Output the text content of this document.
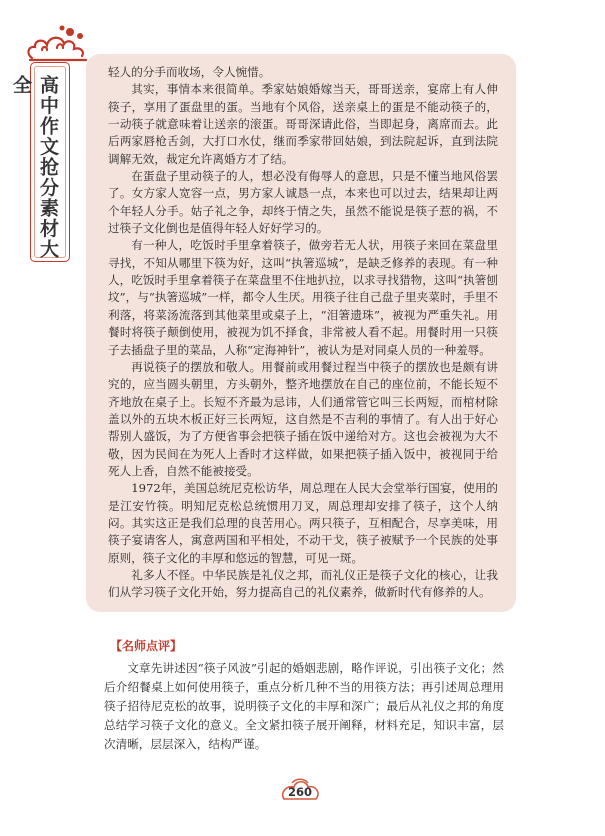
高中作文抢分素材大全

轻人的分手而收场，令人惋惜。

其实，事情本来很简单。季家姑娘婚嫁当天，哥哥送亲，宴席上有人伸筷子，享用了蛋盘里的蛋。当地有个风俗，送亲桌上的蛋是不能动筷子的，一动筷子就意味着让送亲的滚蛋。哥哥深请此俗，当即起身，离席而去。此后两家唇枪舌剑，大打口水仗，继而季家带回姑娘，到法院起诉，直到法院调解无效，裁定允许离婚方才了结。

在蛋盘子里动筷子的人，想必没有侮辱人的意思，只是不懂当地风俗罢了。女方家人宽容一点，男方家人诚恳一点，本来也可以过去，结果却让两个年轻人分手。姑子礼之争，却终于情之失，虽然不能说是筷子惹的祸，不过筷子文化倒也是值得年轻人好好学习的。

有一种人，吃饭时手里拿着筷子，做旁若无人状，用筷子来回在菜盘里寻找，不知从哪里下筷为好，这叫“执箸巡城”，是缺乏修养的表现。有一种人，吃饭时手里拿着筷子在菜盘里不住地扒拉，以求寻找猎物，这叫“执箸刨坟”，与“执箸巡城”一样，都令人生厌。用筷子往自己盘子里夹菜时，手里不利落，将菜汤流落到其他菜里或桌子上，“泪箸遗珠”，被视为严重失礼。用餐时将筷子颠倒使用，被视为饥不择食，非常被人看不起。用餐时用一只筷子去插盘子里的菜品，人称“定海神针”，被认为是对同桌人员的一种羞辱。

再说筷子的摆放和敬人。用餐前或用餐过程当中筷子的摆放也是颇有讲究的，应当圆头朝里，方头朝外，整齐地摆放在自己的座位前，不能长短不齐地放在桌子上。长短不齐最为忌讳，人们通常管它叫三长两短，而棺材除盖以外的五块木板正好三长两短，这自然是不吉利的事情了。有人出于好心帮别人盛饭，为了方便省事会把筷子插在饭中递给对方。这也会被视为大不敬，因为民间在为死人上香时才这样做，如果把筷子插入饭中，被视同于给死人上香，自然不能被接受。

1972年，美国总统尼克松访华，周总理在人民大会堂举行国宴，使用的是江安竹筷。明知尼克松总统惯用刀叉，周总理却安排了筷子，这个人纳闷。其实这正是我们总理的良苦用心。两只筷子，互相配合，尽享美味，用筷子宴请客人，寓意两国和平相处，不动干戈，筷子被赋予一个民族的处事原则，筷子文化的丰厚和悠远的智慧，可见一斑。

礼多人不怪。中华民族是礼仪之邦，而礼仪正是筷子文化的核心，让我们从学习筷子文化开始，努力提高自己的礼仪素养，做新时代有修养的人。

【名师点评】

文章先讲述因“筷子风波”引起的婚姻悲剧，略作评说，引出筷子文化；然后介绍餐桌上如何使用筷子，重点分析几种不当的用筷方法；再引述周总理用筷子招待尼克松的故事，说明筷子文化的丰厚和深广；最后从礼仪之邦的角度总结学习筷子文化的意义。全文紧扣筷子展开阐释，材料充足，知识丰富，层次清晰，层层深入，结构严谨。

260
